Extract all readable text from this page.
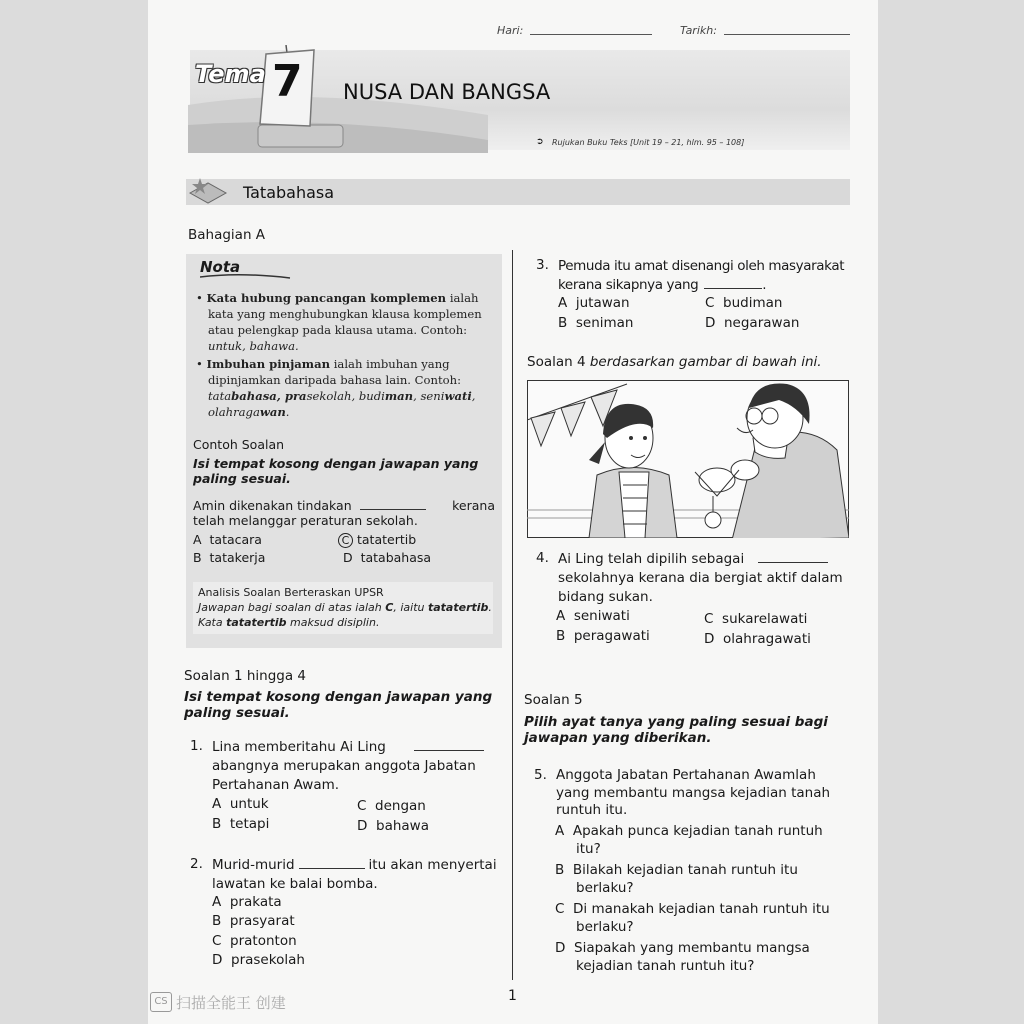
Hari:	Tarikh:
Tema 7 NUSA DAN BANGSA
➲ Rujukan Buku Teks [Unit 19 – 21, hlm. 95 – 108]
Tatabahasa
Bahagian A
Nota
• Kata hubung pancangan komplemen ialah
kata yang menghubungkan klausa komplemen
atau pelengkap pada klausa utama. Contoh:
untuk, bahawa.
• Imbuhan pinjaman ialah imbuhan yang
dipinjamkan daripada bahasa lain. Contoh:
tatabahasa, prasekolah, budiman, seniwati,
olahragawan.
Contoh Soalan
Isi tempat kosong dengan jawapan yang
paling sesuai.
Amin dikenakan tindakan	kerana
telah melanggar peraturan sekolah.
A tatacara
B tatakerja
C tatatertib
D tatabahasa
Analisis Soalan Berteraskan UPSR
Jawapan bagi soalan di atas ialah C, iaitu tatatertib.
Kata tatatertib maksud disiplin.
Soalan 1 hingga 4
Isi tempat kosong dengan jawapan yang
paling sesuai.
1. Lina memberitahu Ai Ling
abangnya merupakan anggota Jabatan
Pertahanan Awam.
A untuk
B tetapi
C dengan
D bahawa
2. Murid-murid	itu akan menyertai
lawatan ke balai bomba.
A prakata
B prasyarat
C pratonton
D prasekolah
3. Pemuda itu amat disenangi oleh masyarakat
kerana sikapnya yang	.
A jutawan
B seniman
C budiman
D negarawan
Soalan 4 berdasarkan gambar di bawah ini.
4. Ai Ling telah dipilih sebagai
sekolahnya kerana dia bergiat aktif dalam
bidang sukan.
A seniwati
B peragawati
C sukarelawati
D olahragawati
Soalan 5
Pilih ayat tanya yang paling sesuai bagi
jawapan yang diberikan.
5. Anggota Jabatan Pertahanan Awamlah
yang membantu mangsa kejadian tanah
runtuh itu.
A Apakah punca kejadian tanah runtuh
itu?
B Bilakah kejadian tanah runtuh itu
berlaku?
C Di manakah kejadian tanah runtuh itu
berlaku?
D Siapakah yang membantu mangsa
kejadian tanah runtuh itu?
1
CS 扫描全能王 创建
